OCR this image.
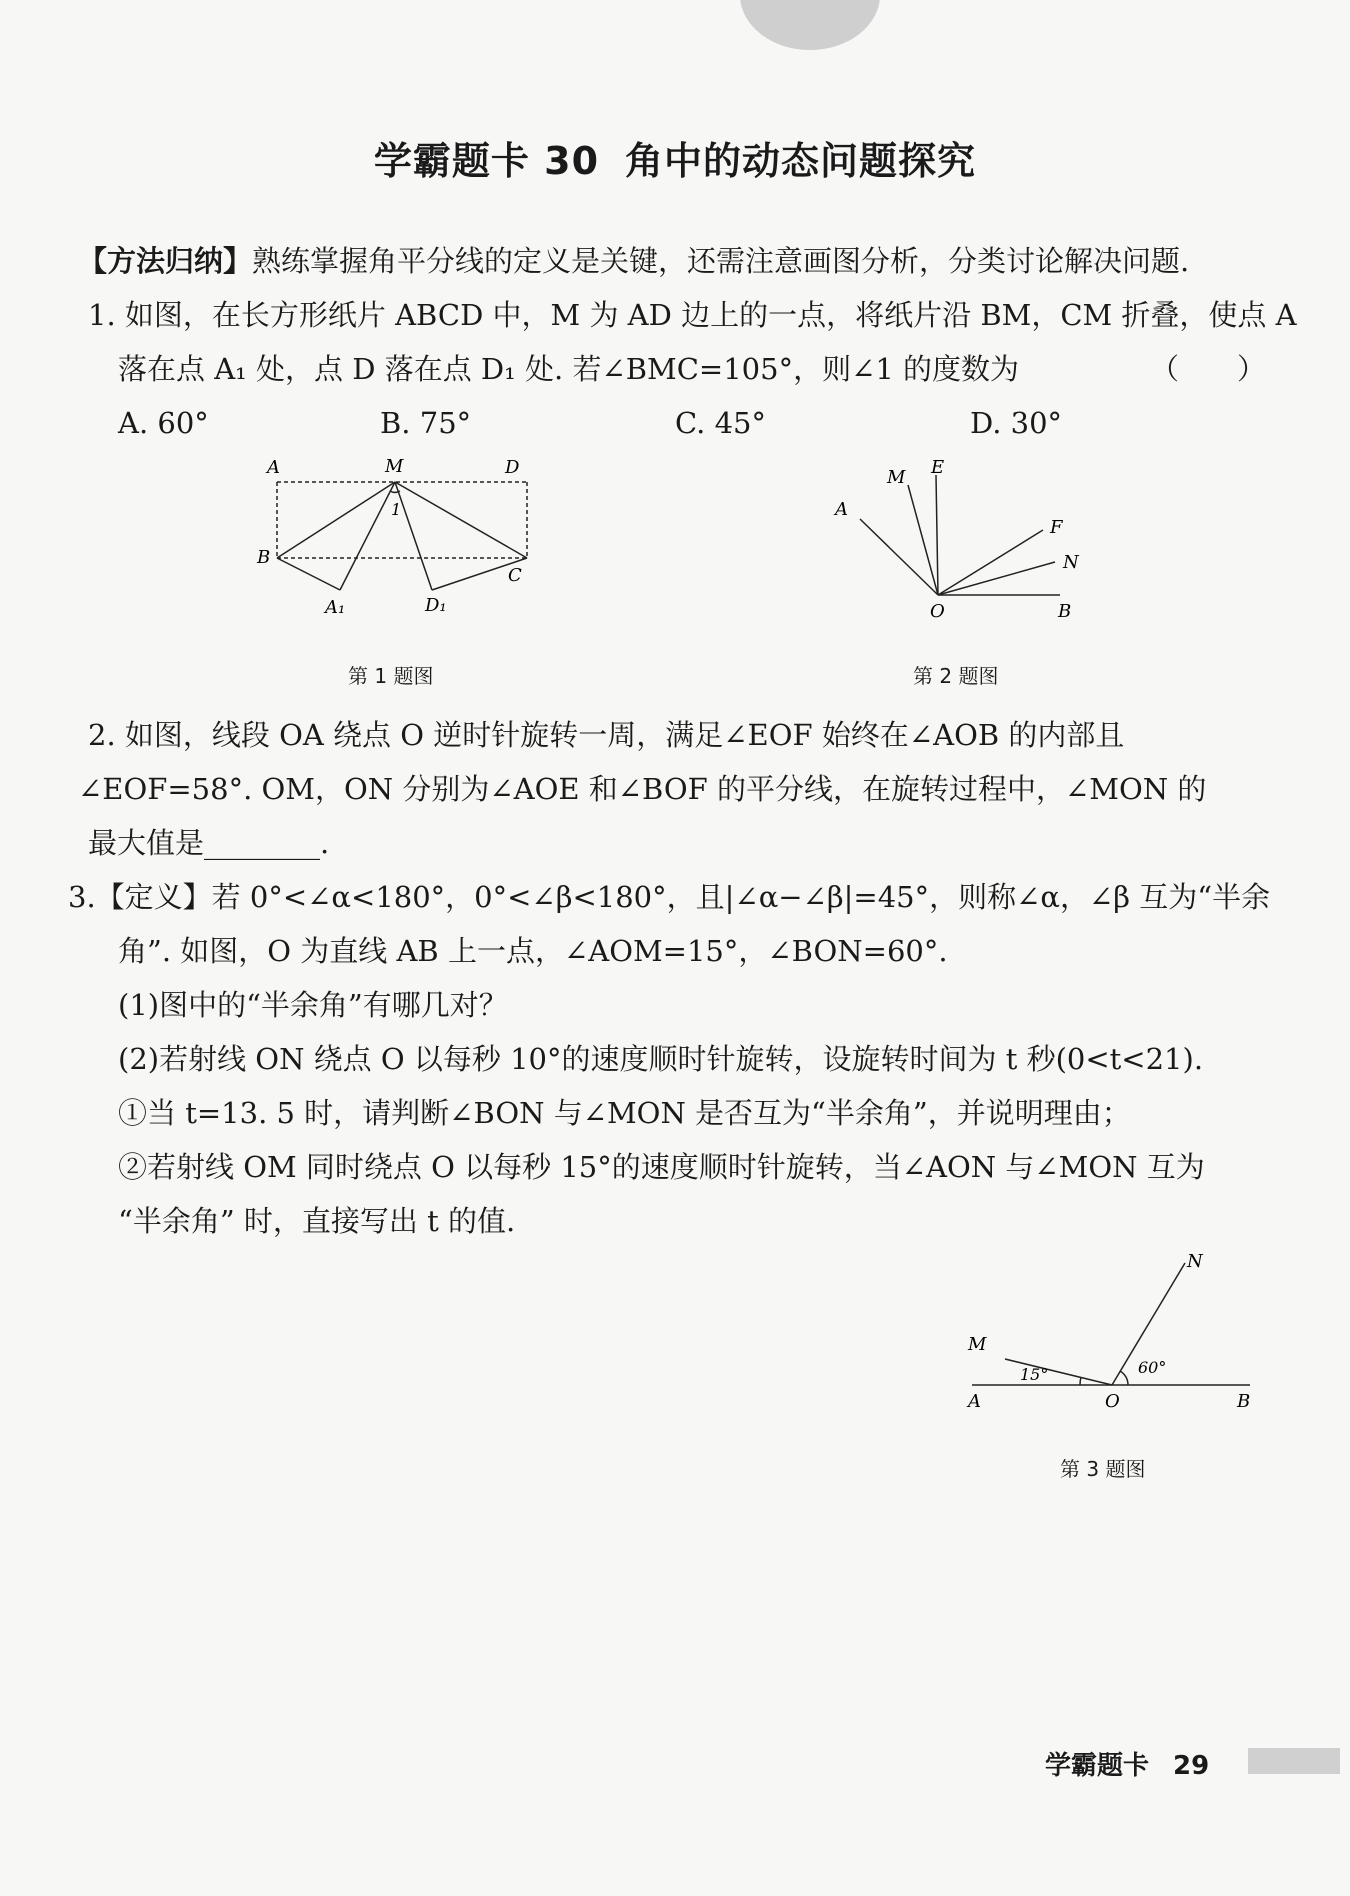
学霸题卡 30 角中的动态问题探究
【方法归纳】熟练掌握角平分线的定义是关键，还需注意画图分析，分类讨论解决问题.
1. 如图，在长方形纸片 ABCD 中，M 为 AD 边上的一点，将纸片沿 BM，CM 折叠，使点 A
落在点 A₁ 处，点 D 落在点 D₁ 处. 若∠BMC=105°，则∠1 的度数为	（　　）
A. 60°	B. 75°	C. 45°	D. 30°
A	M	D
B
C
A₁	D₁
1
第 1 题图
M E
A
F
N
O	B
第 2 题图
2. 如图，线段 OA 绕点 O 逆时针旋转一周，满足∠EOF 始终在∠AOB 的内部且
∠EOF=58°. OM，ON 分别为∠AOE 和∠BOF 的平分线，在旋转过程中，∠MON 的
最大值是________.
3.【定义】若 0°<∠α<180°，0°<∠β<180°，且|∠α−∠β|=45°，则称∠α，∠β 互为“半余
角”. 如图，O 为直线 AB 上一点，∠AOM=15°，∠BON=60°.
(1)图中的“半余角”有哪几对？
(2)若射线 ON 绕点 O 以每秒 10°的速度顺时针旋转，设旋转时间为 t 秒(0<t<21).
①当 t=13. 5 时，请判断∠BON 与∠MON 是否互为“半余角”，并说明理由；
②若射线 OM 同时绕点 O 以每秒 15°的速度顺时针旋转，当∠AON 与∠MON 互为
“半余角” 时，直接写出 t 的值.
N
M
A	O	B
15°	60°
第 3 题图
学霸题卡 29
